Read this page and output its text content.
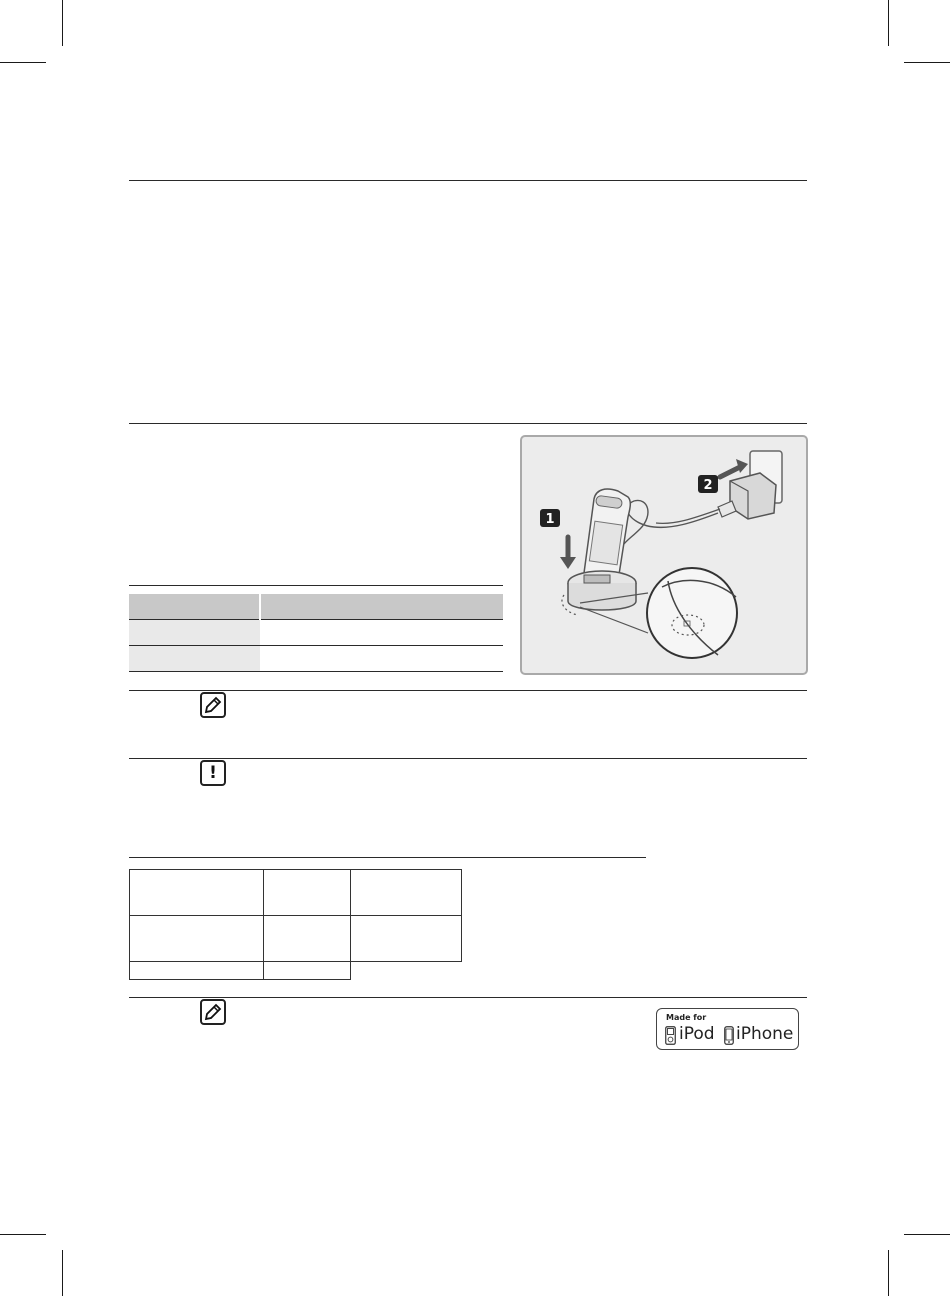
1
2
!

Made for
iPod iPhone
